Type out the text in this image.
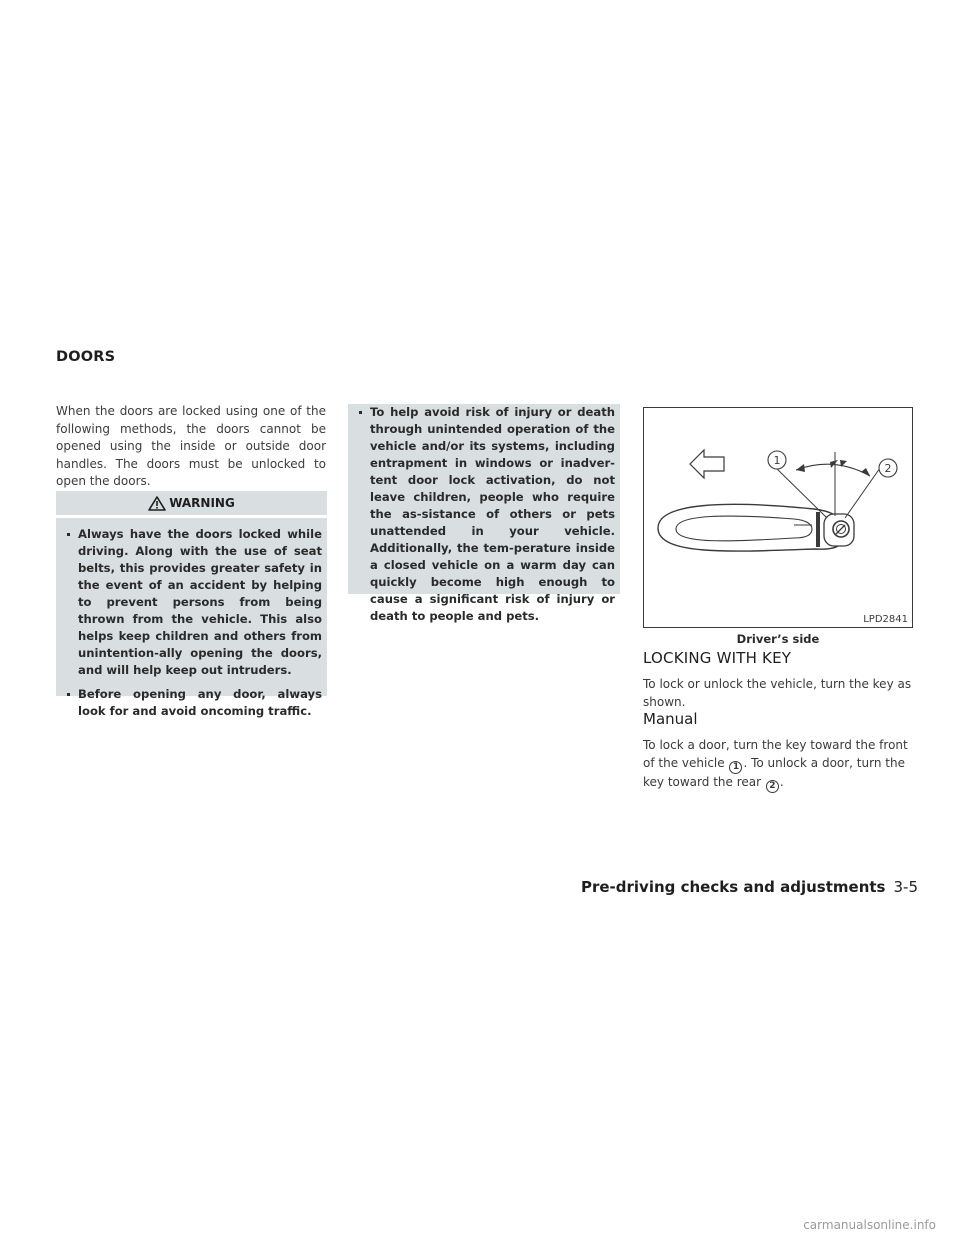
DOORS
When the doors are locked using one of the following methods, the doors cannot be opened using the inside or outside door handles. The doors must be unlocked to open the doors.
WARNING
Always have the doors locked while driving. Along with the use of seat belts, this provides greater safety in the event of an accident by helping to prevent persons from being thrown from the vehicle. This also helps keep children and others from unintention-ally opening the doors, and will help keep out intruders.
Before opening any door, always look for and avoid oncoming traffic.
To help avoid risk of injury or death through unintended operation of the vehicle and/or its systems, including entrapment in windows or inadver-tent door lock activation, do not leave children, people who require the as-sistance of others or pets unattended in your vehicle. Additionally, the tem-perature inside a closed vehicle on a warm day can quickly become high enough to cause a significant risk of injury or death to people and pets.
1
2
LPD2841
Driver’s side
LOCKING WITH KEY
To lock or unlock the vehicle, turn the key as shown.
Manual
To lock a door, turn the key toward the front of the vehicle 1 . To unlock a door, turn the key toward the rear 2 .
Pre-driving checks and adjustments 3-5
carmanualsonline.info
